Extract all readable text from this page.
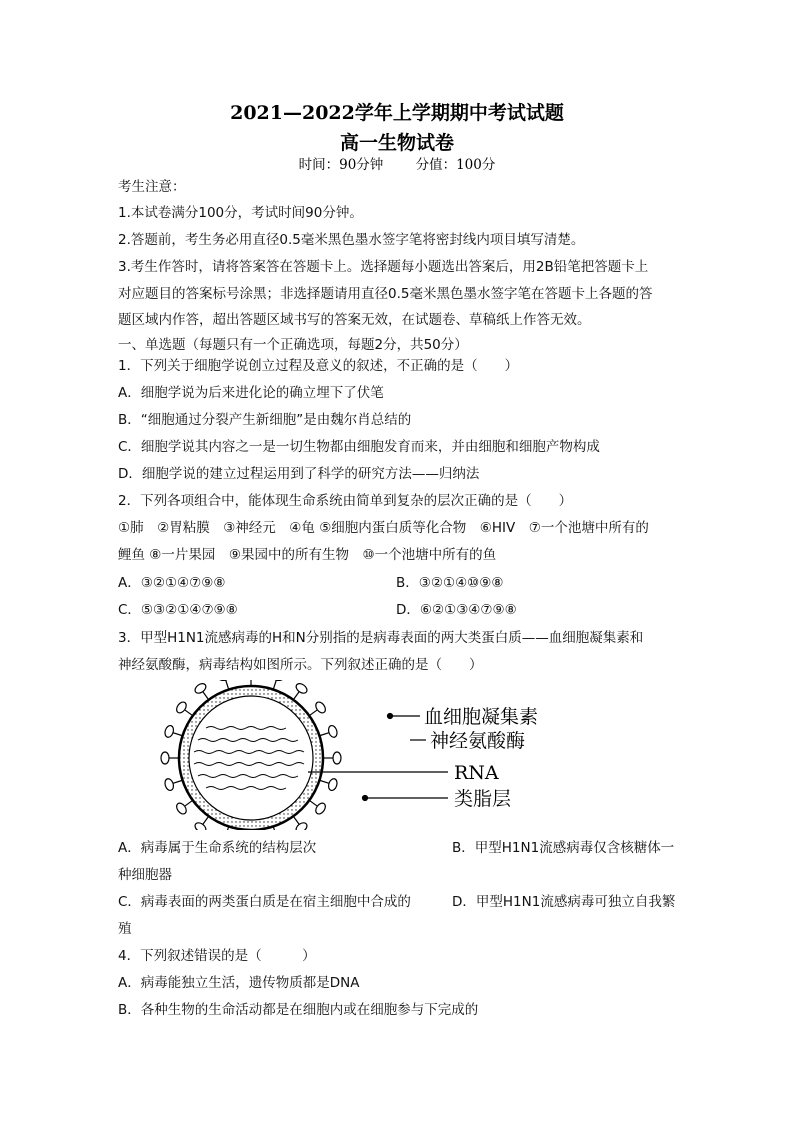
2021—2022学年上学期期中考试试题
高一生物试卷
时间：90分钟 分值：100分
考生注意：
1.本试卷满分100分，考试时间90分钟。
2.答题前，考生务必用直径0.5毫米黑色墨水签字笔将密封线内项目填写清楚。
3.考生作答时，请将答案答在答题卡上。选择题每小题选出答案后，用2B铅笔把答题卡上
对应题目的答案标号涂黑；非选择题请用直径0.5毫米黑色墨水签字笔在答题卡上各题的答
题区域内作答，超出答题区域书写的答案无效，在试题卷、草稿纸上作答无效。
一、单选题（每题只有一个正确选项，每题2分，共50分）
1．下列关于细胞学说创立过程及意义的叙述，不正确的是（　　）
A．细胞学说为后来进化论的确立埋下了伏笔
B．“细胞通过分裂产生新细胞”是由魏尔肖总结的
C．细胞学说其内容之一是一切生物都由细胞发育而来，并由细胞和细胞产物构成
D．细胞学说的建立过程运用到了科学的研究方法——归纳法
2．下列各项组合中，能体现生命系统由简单到复杂的层次正确的是（　　）
①肺　②胃粘膜　③神经元　④龟 ⑤细胞内蛋白质等化合物　⑥HIV　⑦一个池塘中所有的
鲤鱼 ⑧一片果园　⑨果园中的所有生物　⑩一个池塘中所有的鱼
A．③②①④⑦⑨⑧	B．③②①④⑩⑨⑧
C．⑤③②①④⑦⑨⑧	D．⑥②①③④⑦⑨⑧
3．甲型H1N1流感病毒的H和N分别指的是病毒表面的两大类蛋白质——血细胞凝集素和
神经氨酸酶，病毒结构如图所示。下列叙述正确的是（　　）
血细胞凝集素
神经氨酸酶
RNA
类脂层
A．病毒属于生命系统的结构层次	B．甲型H1N1流感病毒仅含核糖体一
种细胞器
C．病毒表面的两类蛋白质是在宿主细胞中合成的	D．甲型H1N1流感病毒可独立自我繁
殖
4．下列叙述错误的是（　　　）
A．病毒能独立生活，遗传物质都是DNA
B．各种生物的生命活动都是在细胞内或在细胞参与下完成的
